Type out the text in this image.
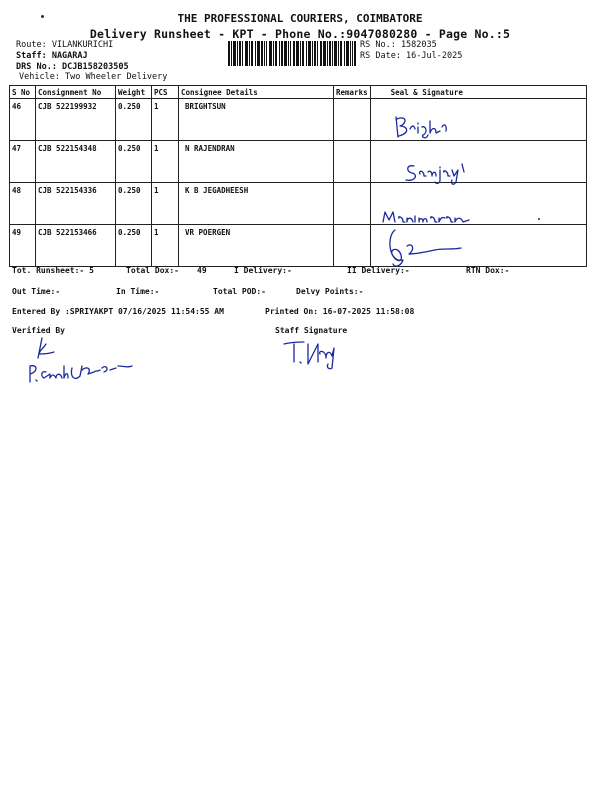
THE PROFESSIONAL COURIERS, COIMBATORE
Delivery Runsheet - KPT - Phone No.:9047080280 - Page No.:5
Route: VILANKURICHI
Staff: NAGARAJ
DRS No.: DCJB158203505
Vehicle: Two Wheeler Delivery
RS No.: 1582035
RS Date: 16-Jul-2025
S No	Consignment No	Weight	PCS	Consignee Details	Remarks	Seal & Signature
46	CJB 522199932	0.250	1	BRIGHTSUN		
47	CJB 522154348	0.250	1	N RAJENDRAN		
48	CJB 522154336	0.250	1	K B JEGADHEESH		
49	CJB 522153466	0.250	1	VR POERGEN		
Tot. Runsheet:- 5	Total Dox:- 49	I Delivery:-	II Delivery:-	RTN Dox:-
Out Time:-	In Time:-	Total POD:-	Delvy Points:-
Entered By :SPRIYAKPT 07/16/2025 11:54:55 AM	Printed On: 16-07-2025 11:58:08
Verified By	Staff Signature
